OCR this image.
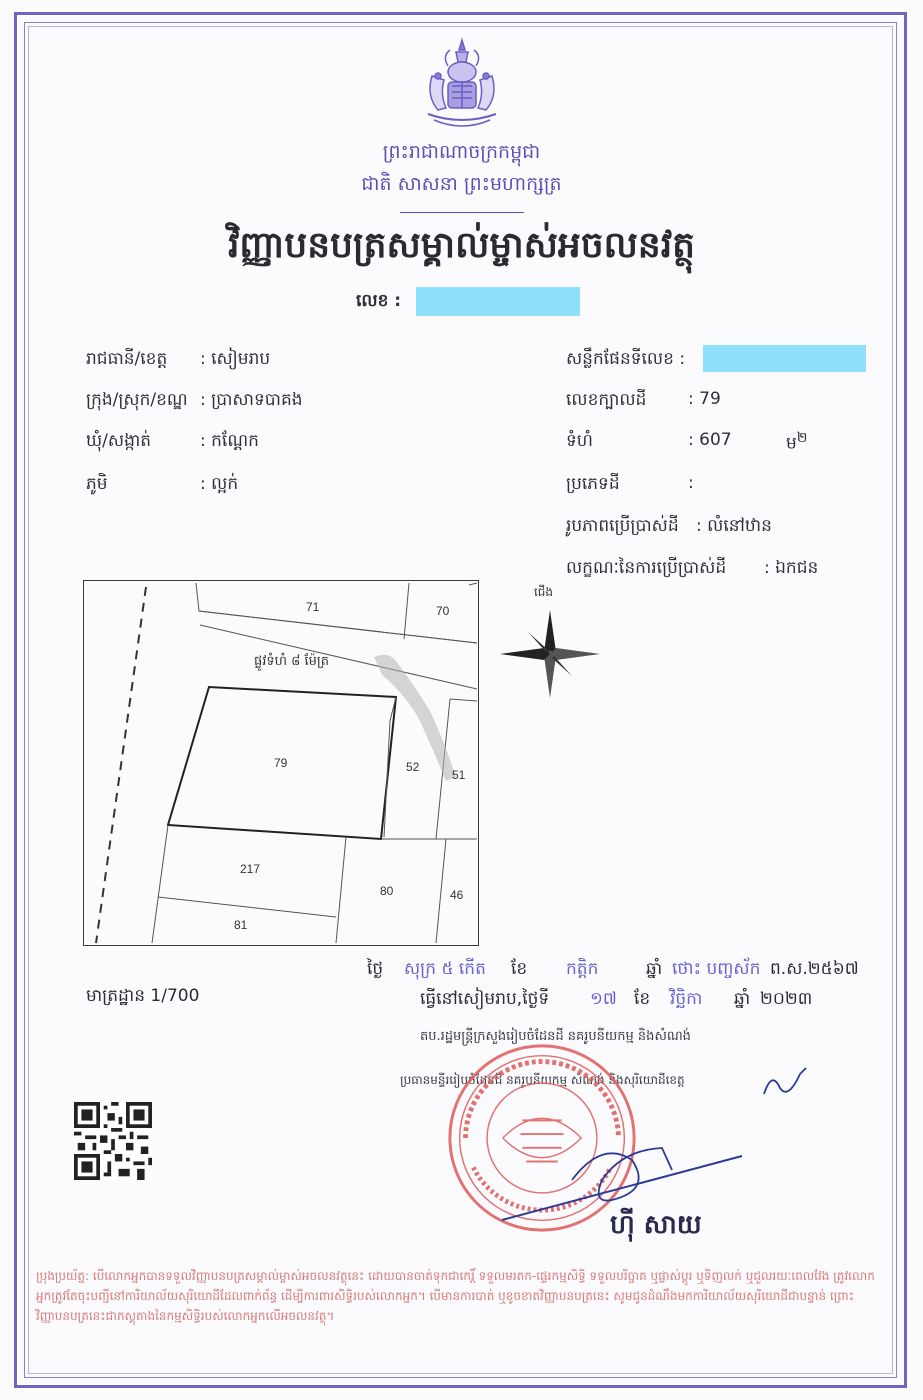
ព្រះរាជាណាចក្រកម្ពុជា
ជាតិ សាសនា ព្រះមហាក្សត្រ
វិញ្ញាបនបត្រសម្គាល់ម្ចាស់អចលនវត្ថុ
លេខ :
រាជធានី/ខេត្ត : សៀមរាប
ក្រុង/ស្រុក/ខណ្ឌ : ប្រាសាទបាគង
ឃុំ/សង្កាត់	: កណ្ដែក
ភូមិ	: ល្អក់
សន្លឹកផែនទីលេខ :
លេខក្បាលដី : 79
ទំហំ	: 607	ម$^២$
ប្រភេទដី	:
រូបភាពប្រើប្រាស់ដី : លំនៅឋាន
លក្ខណៈនៃការប្រើប្រាស់ដី : ឯកជន
71	70
79	52
51
217
80	46
81
ផ្លូវទំហំ ៨ ម៉ែត្រ
ជើង
មាត្រដ្ឋាន 1/700
ថ្ងៃ សុក្រ ៥ កើត ខែ កត្តិក	ឆ្នាំ ថោះ បញ្ចស័ក ព.ស.២៥៦៧
ធ្វើនៅសៀមរាប,ថ្ងៃទី ១៧ ខែ វិច្ឆិកា ឆ្នាំ ២០២៣
តប.រដ្ឋមន្ត្រីក្រសួងរៀបចំដែនដី នគរូបនីយកម្ម និងសំណង់
ប្រធានមន្ទីររៀបចំដែនដី នគរូបនីយកម្ម សំណង់ និងសុរិយោដីខេត្ត
ហ៊ី សាយ
ប្រុងប្រយ័ត្ន: បើលោកអ្នកបានទទួលវិញ្ញាបនបត្រសម្គាល់ម្ចាស់អចលនវត្ថុនេះ ដោយបានចាត់ទុកជាកេរ្តិ៍ ទទួលមរតក-ផ្ទេរកម្មសិទ្ធិ ទទួលបរិច្ចាគ ឬផ្លាស់ប្តូរ ឬទិញលក់ ឬជួលរយៈពេលវែង ត្រូវលោកអ្នកត្រូវតែចុះបញ្ជីនៅការិយាល័យសុរិយោដីដែលពាក់ព័ន្ធ ដើម្បីការពារសិទ្ធិរបស់លោកអ្នក។ បើមានការបាត់ ឬខូចខាតវិញ្ញាបនបត្រនេះ សូមជូនដំណឹងមកការិយាល័យសុរិយោដីជាបន្ទាន់ ព្រោះវិញ្ញាបនបត្រនេះជាភស្តុតាងនៃកម្មសិទ្ធិរបស់លោកអ្នកលើអចលនវត្ថុ។
